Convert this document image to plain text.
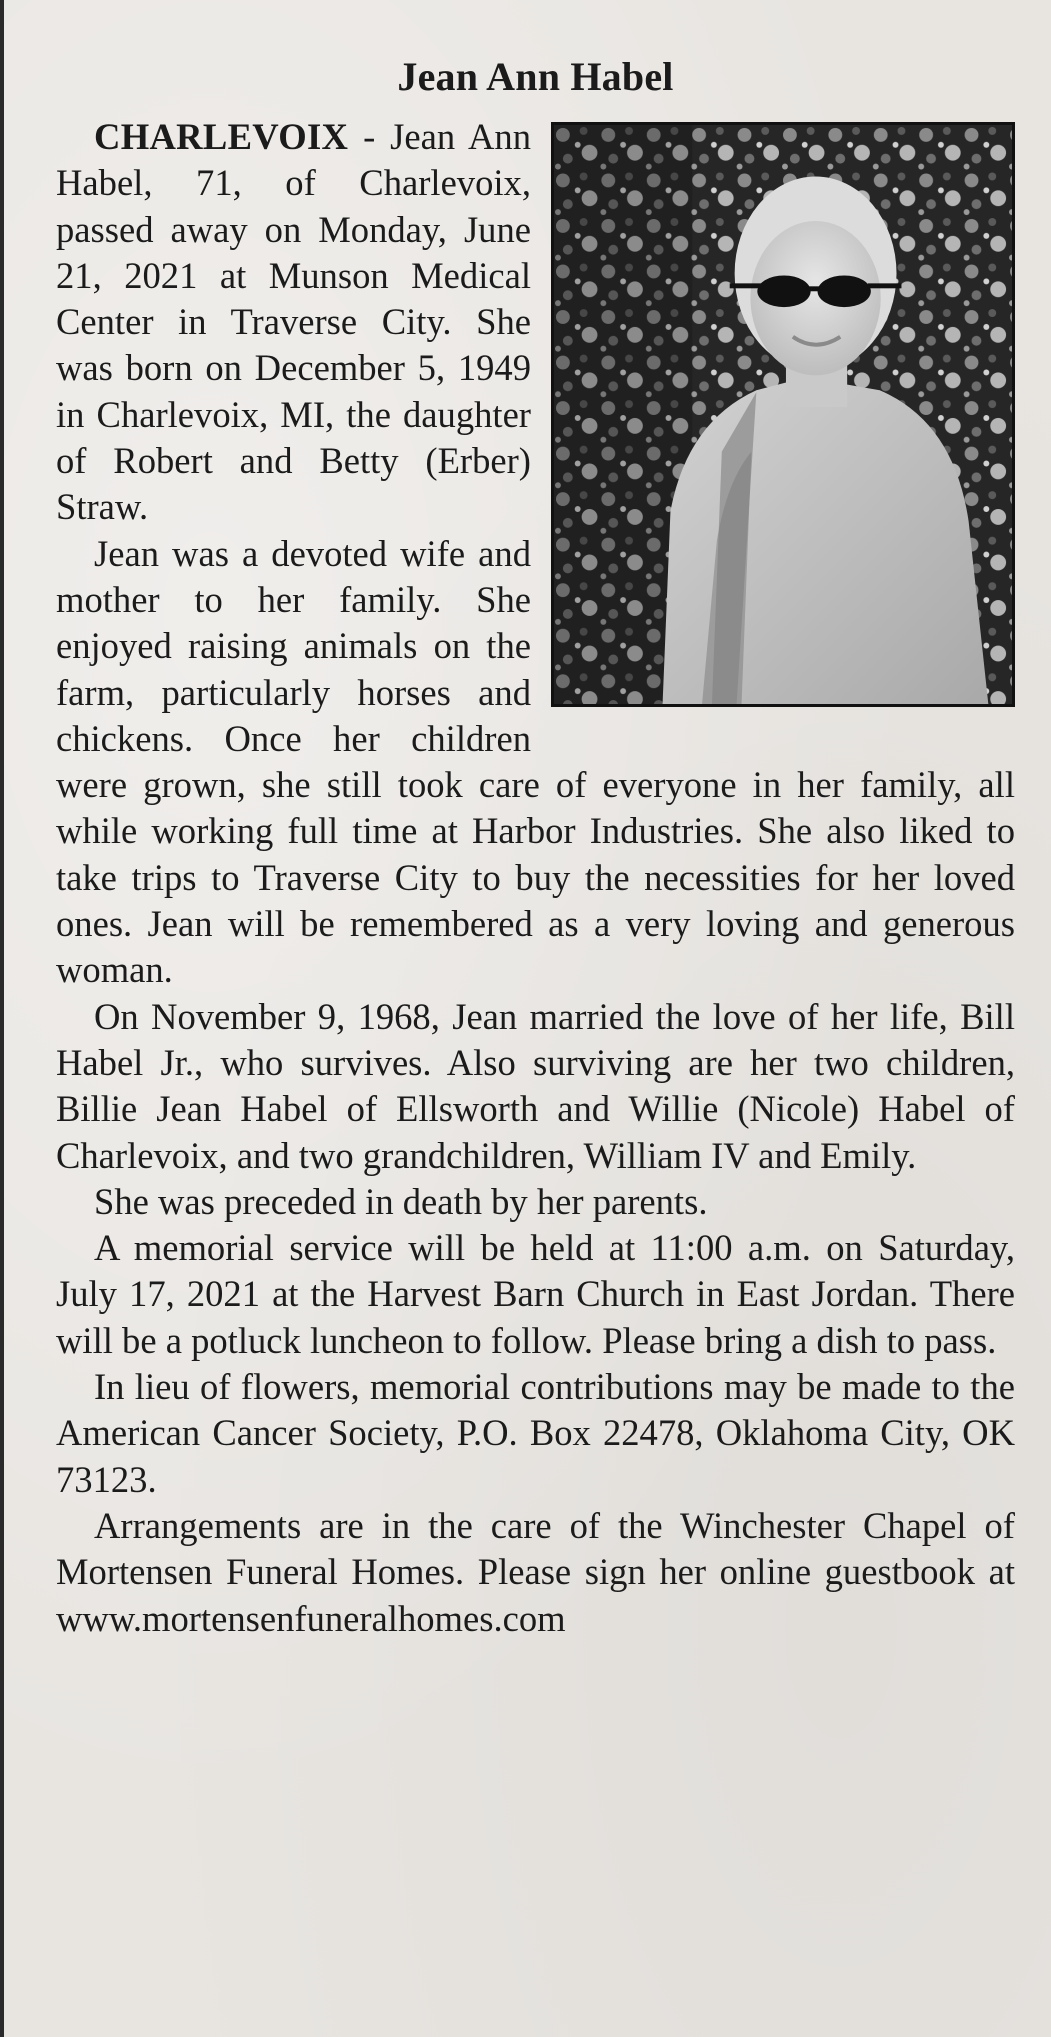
Jean Ann Habel

CHARLEVOIX - Jean Ann Habel, 71, of Charlevoix, passed away on Monday, June 21, 2021 at Munson Medical Center in Traverse City. She was born on December 5, 1949 in Charlevoix, MI, the daughter of Robert and Betty (Erber) Straw.

Jean was a devoted wife and mother to her family. She enjoyed raising animals on the farm, particularly horses and chickens. Once her children were grown, she still took care of everyone in her family, all while working full time at Harbor Industries. She also liked to take trips to Traverse City to buy the necessities for her loved ones. Jean will be remembered as a very loving and generous woman.

On November 9, 1968, Jean married the love of her life, Bill Habel Jr., who survives. Also surviving are her two children, Billie Jean Habel of Ellsworth and Willie (Nicole) Habel of Charlevoix, and two grandchildren, William IV and Emily.

She was preceded in death by her parents.

A memorial service will be held at 11:00 a.m. on Saturday, July 17, 2021 at the Harvest Barn Church in East Jordan. There will be a potluck luncheon to follow. Please bring a dish to pass.

In lieu of flowers, memorial contributions may be made to the American Cancer Society, P.O. Box 22478, Oklahoma City, OK 73123.

Arrangements are in the care of the Winchester Chapel of Mortensen Funeral Homes. Please sign her online guestbook at www.mortensenfuneralhomes.com
